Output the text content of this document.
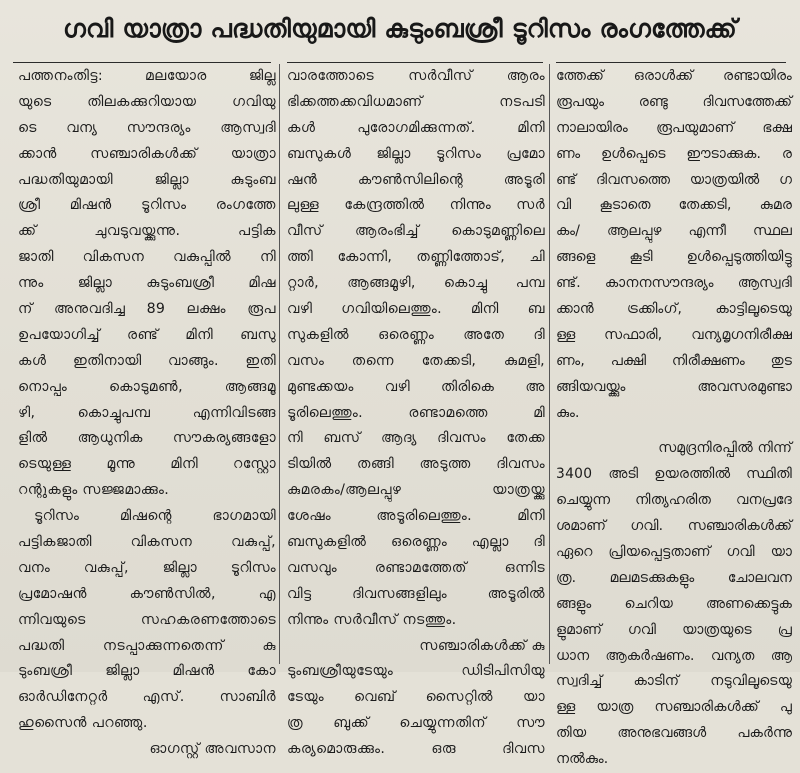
ഗവി യാത്രാ പദ്ധതിയുമായി കുടുംബശ്രീ ടൂറിസം രംഗത്തേക്ക്
പത്തനംതിട്ട: മലയോര ജില്ല
യുടെ തിലകക്കുറിയായ ഗവിയു
ടെ വന്യ സൗന്ദര്യം ആസ്വദി
ക്കാൻ സഞ്ചാരികൾക്ക് യാത്രാ
പദ്ധതിയുമായി ജില്ലാ കുടുംബ
ശ്രീ മിഷൻ ടൂറിസം രംഗത്തേ
ക്ക് ചുവടുവയ്ക്കുന്നു. പട്ടിക
ജാതി വികസന വകുപ്പിൽ നി
ന്നും ജില്ലാ കുടുംബശ്രീ മിഷ
ന് അനുവദിച്ച 89 ലക്ഷം രൂപ
ഉപയോഗിച്ച് രണ്ട് മിനി ബസു
കൾ ഇതിനായി വാങ്ങും. ഇതി
നൊപ്പം കൊടുമൺ, ആങ്ങമൂ
ഴി, കൊച്ചുപമ്പ എന്നിവിടങ്ങ
ളിൽ ആധുനിക സൗകര്യങ്ങളോ
ടെയുള്ള മൂന്നു മിനി റസ്റ്റോ
റന്റുകളും സജ്ജമാക്കും.
ടൂറിസം മിഷന്റെ ഭാഗമായി
പട്ടികജാതി വികസന വകുപ്പ്,
വനം വകുപ്പ്, ജില്ലാ ടൂറിസം
പ്രമോഷൻ കൗൺസിൽ, എ
ന്നിവയുടെ സഹകരണത്തോടെ
പദ്ധതി നടപ്പാക്കുന്നതെന്ന് കു
ടുംബശ്രീ ജില്ലാ മിഷൻ കോ
ഓർഡിനേറ്റർ എസ്. സാബിർ
ഹുസൈൻ പറഞ്ഞു.
ഓഗസ്റ്റ് അവസാന
വാരത്തോടെ സർവീസ് ആരം
ഭിക്കത്തക്കവിധമാണ് നടപടി
കൾ പുരോഗമിക്കുന്നത്. മിനി
ബസുകൾ ജില്ലാ ടൂറിസം പ്രമോ
ഷൻ കൗൺസിലിന്റെ അടൂരി
ലുള്ള കേന്ദ്രത്തിൽ നിന്നും സർ
വീസ് ആരംഭിച്ച് കൊടുമണ്ണിലെ
ത്തി കോന്നി, തണ്ണിത്തോട്, ചി
റ്റാർ, ആങ്ങമൂഴി, കൊച്ചു പമ്പ
വഴി ഗവിയിലെത്തും. മിനി ബ
സുകളിൽ ഒരെണ്ണം അതേ ദി
വസം തന്നെ തേക്കടി, കുമളി,
മുണ്ടക്കയം വഴി തിരികെ അ
ടൂരിലെത്തും. രണ്ടാമത്തെ മി
നി ബസ് ആദ്യ ദിവസം തേക്ക
ടിയിൽ തങ്ങി അടുത്ത ദിവസം
കുമരകം/ആലപ്പുഴ യാത്രയ്ക്കു
ശേഷം അടൂരിലെത്തും. മിനി
ബസുകളിൽ ഒരെണ്ണം എല്ലാ ദി
വസവും രണ്ടാമത്തേത് ഒന്നിട
വിട്ട ദിവസങ്ങളിലും അടൂരിൽ
നിന്നും സർവീസ് നടത്തും.
സഞ്ചാരികൾക്ക് കു
ടുംബശ്രീയുടേയും ഡിടിപിസിയു
ടേയും വെബ് സൈറ്റിൽ യാ
ത്ര ബുക്ക് ചെയ്യുന്നതിന് സൗ
കര്യമൊരുക്കും. ഒരു ദിവസ
ത്തേക്ക് ഒരാൾക്ക് രണ്ടായിരം
രൂപയും രണ്ടു ദിവസത്തേക്ക്
നാലായിരം രൂപയുമാണ് ഭക്ഷ
ണം ഉൾപ്പെടെ ഈടാക്കുക. ര
ണ്ട് ദിവസത്തെ യാത്രയിൽ ഗ
വി കൂടാതെ തേക്കടി, കുമര
കം/ ആലപ്പുഴ എന്നീ സ്ഥല
ങ്ങളെ കൂടി ഉൾപ്പെടുത്തിയിട്ടു
ണ്ട്. കാനനസൗന്ദര്യം ആസ്വദി
ക്കാൻ ട്രക്കിംഗ്, കാട്ടിലൂടെയു
ള്ള സഫാരി, വന്യമൃഗനിരീക്ഷ
ണം, പക്ഷി നിരീക്ഷണം തുട
ങ്ങിയവയ്ക്കും അവസരമുണ്ടാ
കും.
സമുദ്രനിരപ്പിൽ നിന്ന്
3400 അടി ഉയരത്തിൽ സ്ഥിതി
ചെയ്യുന്ന നിത്യഹരിത വനപ്രദേ
ശമാണ് ഗവി. സഞ്ചാരികൾക്ക്
ഏറെ പ്രിയപ്പെട്ടതാണ് ഗവി യാ
ത്ര. മലമടക്കുകളും ചോലവന
ങ്ങളും ചെറിയ അണക്കെട്ടുക
ളുമാണ് ഗവി യാത്രയുടെ പ്ര
ധാന ആകർഷണം. വന്യത ആ
സ്വദിച്ച് കാടിന് നടുവിലൂടെയു
ള്ള യാത്ര സഞ്ചാരികൾക്ക് പു
തിയ അനുഭവങ്ങൾ പകർന്നു
നൽകും.
